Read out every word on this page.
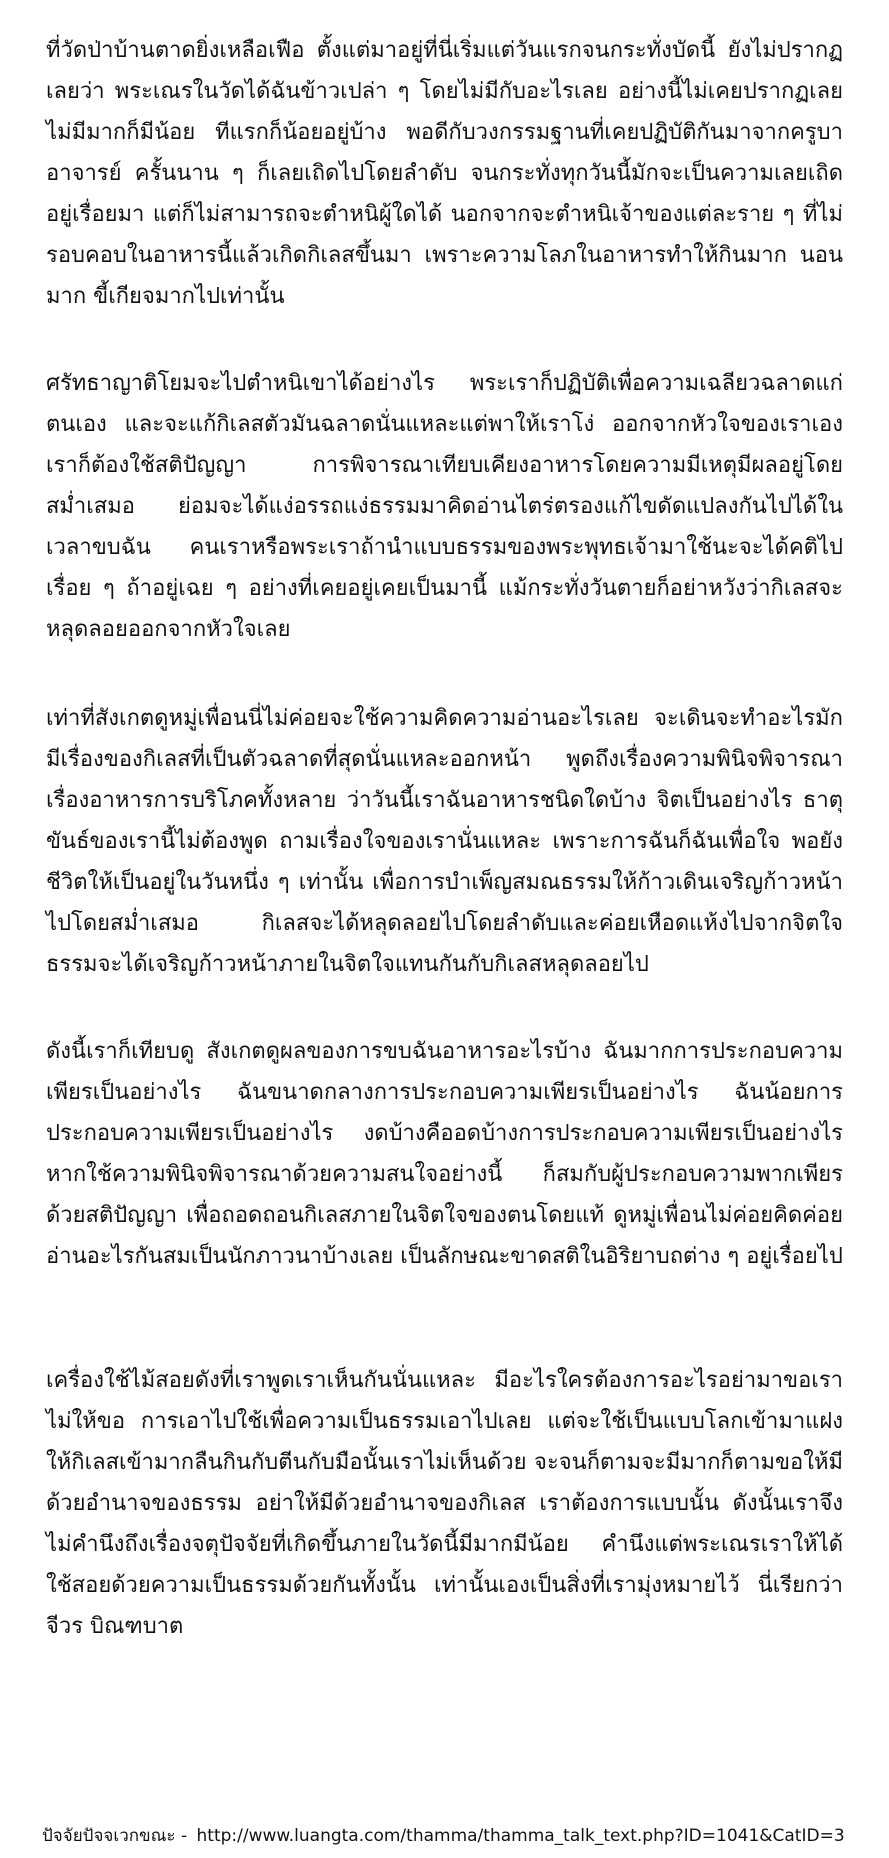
ที่วัดป่าบ้านตาดยิ่งเหลือเฟือ ตั้งแต่มาอยู่ที่นี่เริ่มแต่วันแรกจนกระทั่งบัดนี้ ยังไม่ปรากฏเลยว่า พระเณรในวัดได้ฉันข้าวเปล่า ๆ โดยไม่มีกับอะไรเลย อย่างนี้ไม่เคยปรากฏเลย ไม่มีมากก็มีน้อย ทีแรกก็น้อยอยู่บ้าง พอดีกับวงกรรมฐานที่เคยปฏิบัติกันมาจากครูบาอาจารย์ ครั้นนาน ๆ ก็เลยเถิดไปโดยลำดับ จนกระทั่งทุกวันนี้มักจะเป็นความเลยเถิดอยู่เรื่อยมา แต่ก็ไม่สามารถจะตำหนิผู้ใดได้ นอกจากจะตำหนิเจ้าของแต่ละราย ๆ ที่ไม่รอบคอบในอาหารนี้แล้วเกิดกิเลสขึ้นมา เพราะความโลภในอาหารทำให้กินมาก นอนมาก ขี้เกียจมากไปเท่านั้น

ศรัทธาญาติโยมจะไปตำหนิเขาได้อย่างไร พระเราก็ปฏิบัติเพื่อความเฉลียวฉลาดแก่ตนเอง และจะแก้กิเลสตัวมันฉลาดนั่นแหละแต่พาให้เราโง่ ออกจากหัวใจของเราเอง เราก็ต้องใช้สติปัญญา การพิจารณาเทียบเคียงอาหารโดยความมีเหตุมีผลอยู่โดยสม่ำเสมอ ย่อมจะได้แง่อรรถแง่ธรรมมาคิดอ่านไตร่ตรองแก้ไขดัดแปลงกันไปได้ในเวลาขบฉัน คนเราหรือพระเราถ้านำแบบธรรมของพระพุทธเจ้ามาใช้นะจะได้คติไปเรื่อย ๆ ถ้าอยู่เฉย ๆ อย่างที่เคยอยู่เคยเป็นมานี้ แม้กระทั่งวันตายก็อย่าหวังว่ากิเลสจะหลุดลอยออกจากหัวใจเลย

เท่าที่สังเกตดูหมู่เพื่อนนี่ไม่ค่อยจะใช้ความคิดความอ่านอะไรเลย จะเดินจะทำอะไรมักมีเรื่องของกิเลสที่เป็นตัวฉลาดที่สุดนั่นแหละออกหน้า พูดถึงเรื่องความพินิจพิจารณาเรื่องอาหารการบริโภคทั้งหลาย ว่าวันนี้เราฉันอาหารชนิดใดบ้าง จิตเป็นอย่างไร ธาตุขันธ์ของเรานี้ไม่ต้องพูด ถามเรื่องใจของเรานั่นแหละ เพราะการฉันก็ฉันเพื่อใจ พอยังชีวิตให้เป็นอยู่ในวันหนึ่ง ๆ เท่านั้น เพื่อการบำเพ็ญสมณธรรมให้ก้าวเดินเจริญก้าวหน้าไปโดยสม่ำเสมอ กิเลสจะได้หลุดลอยไปโดยลำดับและค่อยเหือดแห้งไปจากจิตใจ ธรรมจะได้เจริญก้าวหน้าภายในจิตใจแทนกันกับกิเลสหลุดลอยไป

ดังนี้เราก็เทียบดู สังเกตดูผลของการขบฉันอาหารอะไรบ้าง ฉันมากการประกอบความเพียรเป็นอย่างไร ฉันขนาดกลางการประกอบความเพียรเป็นอย่างไร ฉันน้อยการประกอบความเพียรเป็นอย่างไร งดบ้างคืออดบ้างการประกอบความเพียรเป็นอย่างไร หากใช้ความพินิจพิจารณาด้วยความสนใจอย่างนี้ ก็สมกับผู้ประกอบความพากเพียรด้วยสติปัญญา เพื่อถอดถอนกิเลสภายในจิตใจของตนโดยแท้ ดูหมู่เพื่อนไม่ค่อยคิดค่อยอ่านอะไรกันสมเป็นนักภาวนาบ้างเลย เป็นลักษณะขาดสติในอิริยาบถต่าง ๆ อยู่เรื่อยไป

เครื่องใช้ไม้สอยดังที่เราพูดเราเห็นกันนั่นแหละ มีอะไรใครต้องการอะไรอย่ามาขอเราไม่ให้ขอ การเอาไปใช้เพื่อความเป็นธรรมเอาไปเลย แต่จะใช้เป็นแบบโลกเข้ามาแฝง ให้กิเลสเข้ามากลืนกินกับตีนกับมือนั้นเราไม่เห็นด้วย จะจนก็ตามจะมีมากก็ตามขอให้มีด้วยอำนาจของธรรม อย่าให้มีด้วยอำนาจของกิเลส เราต้องการแบบนั้น ดังนั้นเราจึงไม่คำนึงถึงเรื่องจตุปัจจัยที่เกิดขึ้นภายในวัดนี้มีมากมีน้อย คำนึงแต่พระเณรเราให้ได้ใช้สอยด้วยความเป็นธรรมด้วยกันทั้งนั้น เท่านั้นเองเป็นสิ่งที่เรามุ่งหมายไว้ นี่เรียกว่า จีวร บิณฑบาต

ปัจจัยปัจจเวกขณะ - http://www.luangta.com/thamma/thamma_talk_text.php?ID=1041&CatID=3
